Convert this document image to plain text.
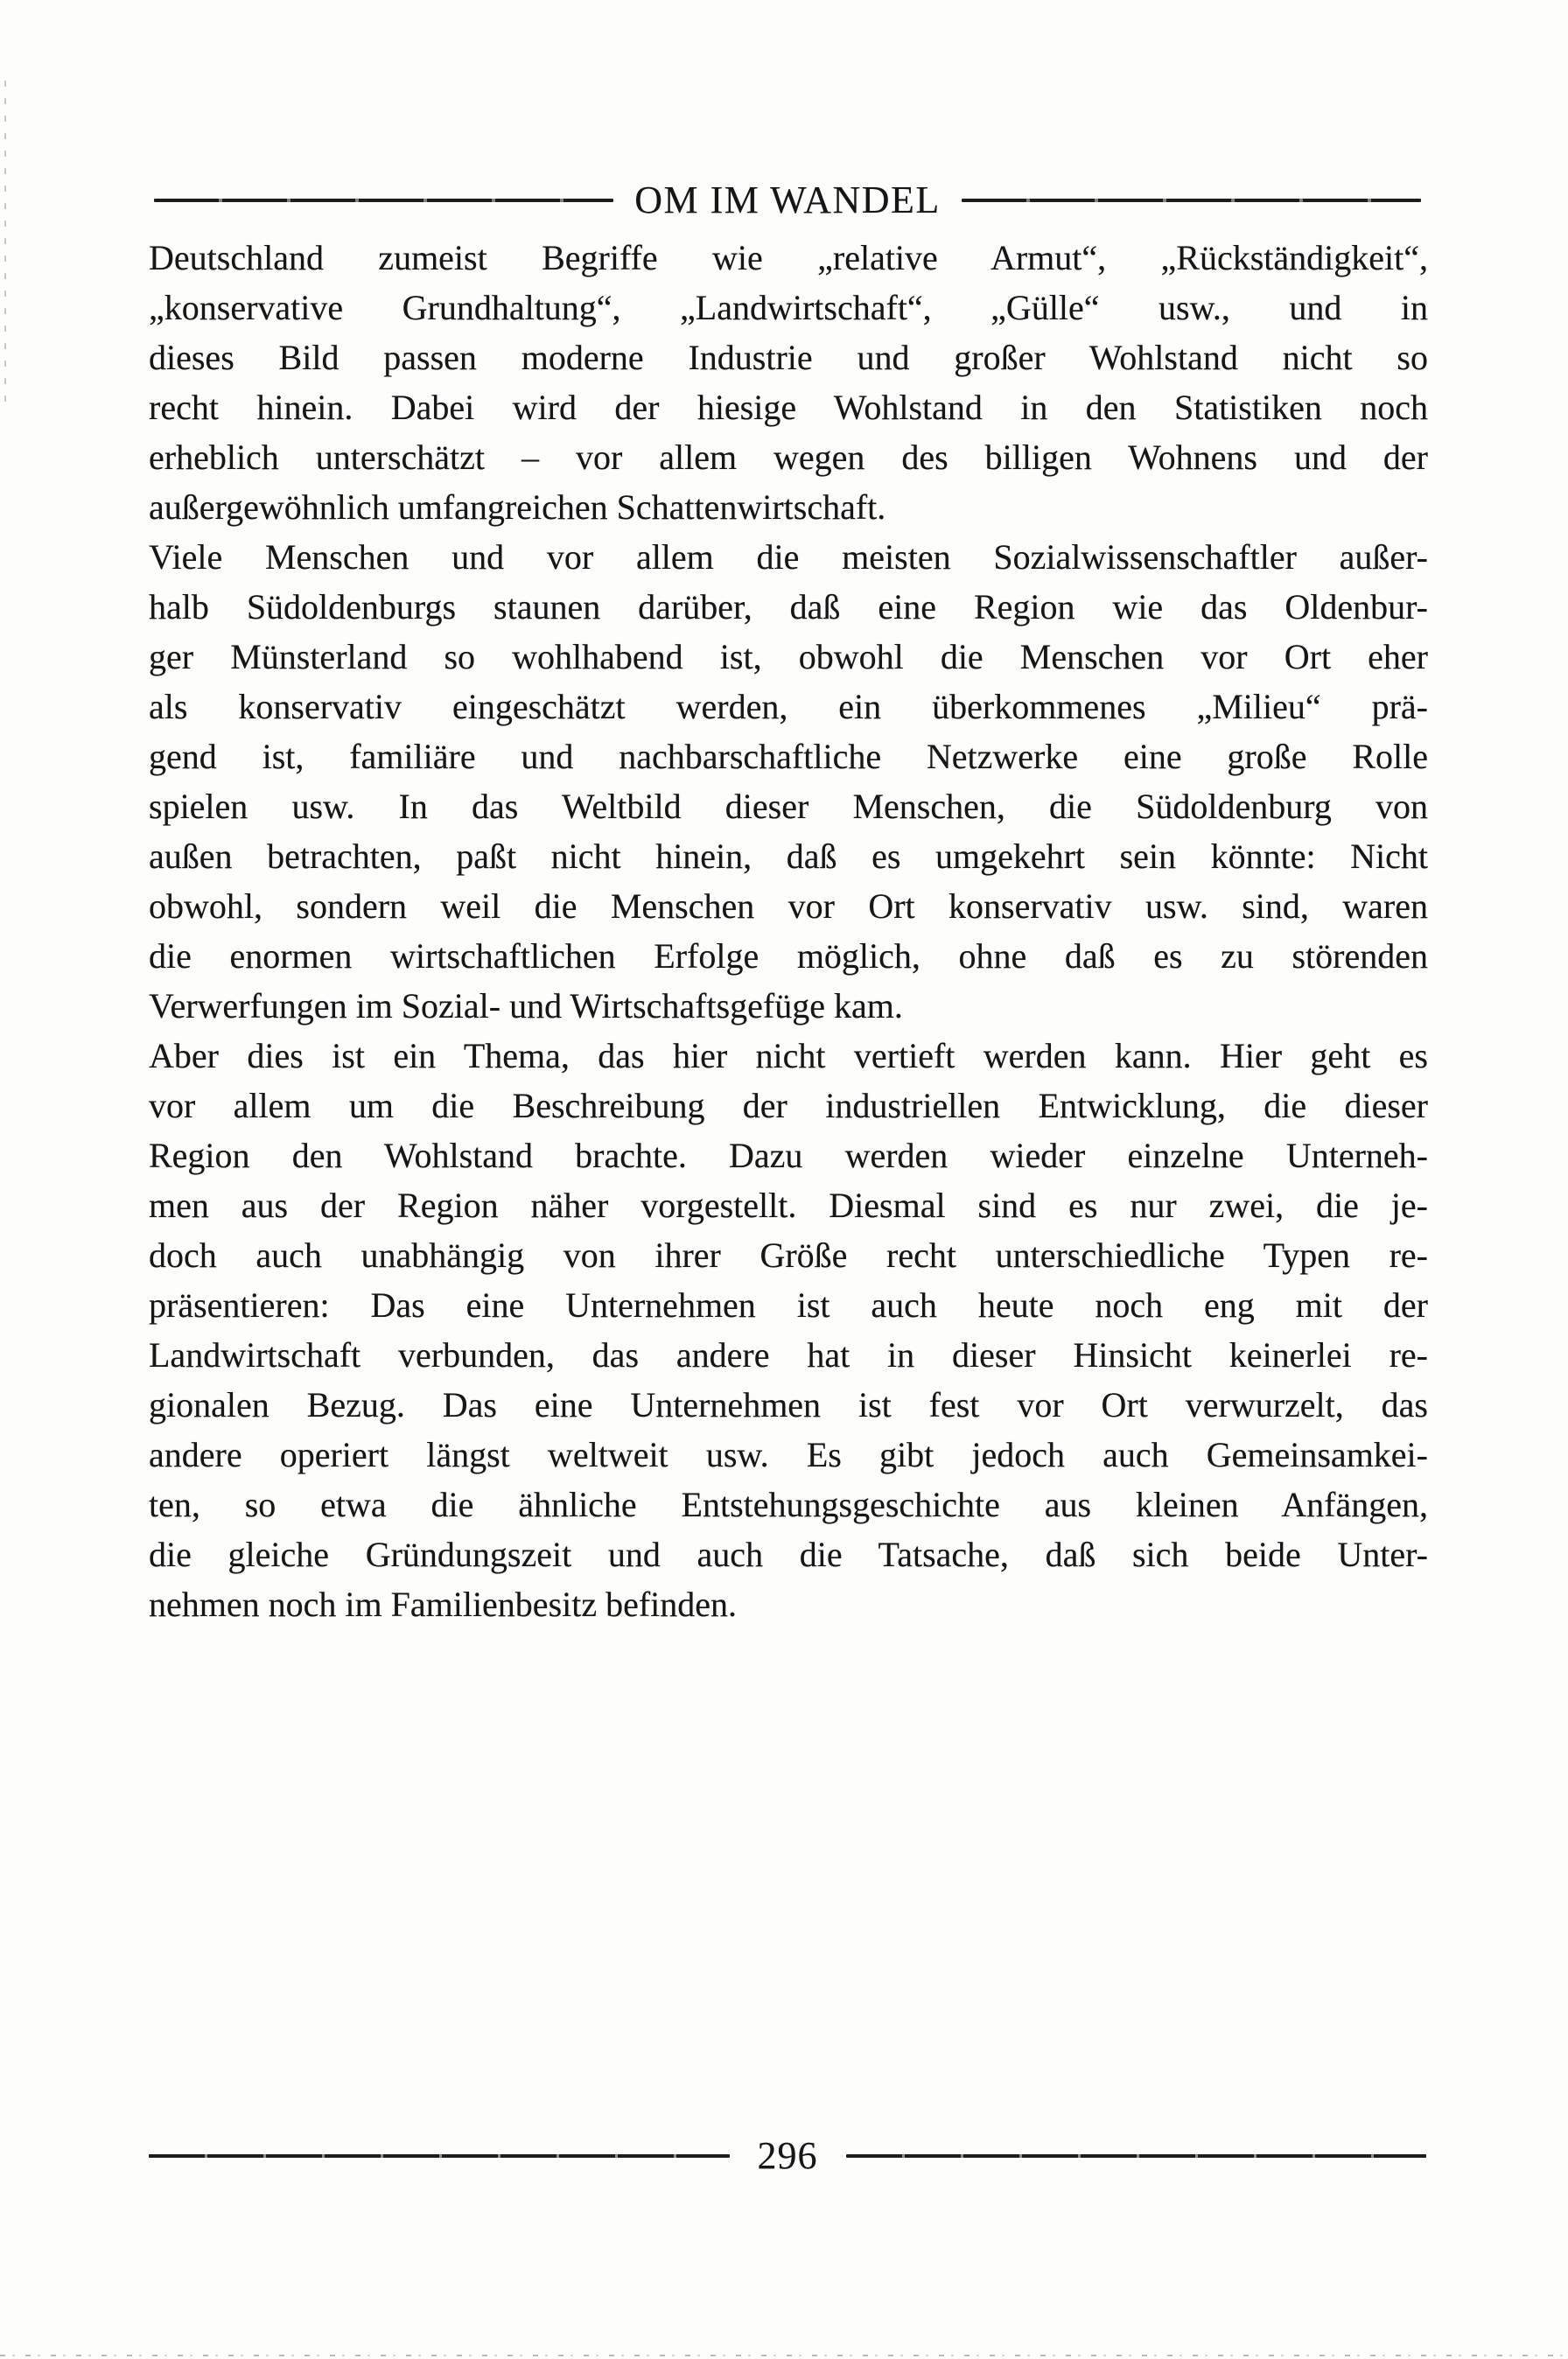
OM IM WANDEL
Deutschland zumeist Begriffe wie „relative Armut“, „Rückständigkeit“,
„konservative Grundhaltung“, „Landwirtschaft“, „Gülle“ usw., und in
dieses Bild passen moderne Industrie und großer Wohlstand nicht so
recht hinein. Dabei wird der hiesige Wohlstand in den Statistiken noch
erheblich unterschätzt – vor allem wegen des billigen Wohnens und der
außergewöhnlich umfangreichen Schattenwirtschaft.
Viele Menschen und vor allem die meisten Sozialwissenschaftler außer-
halb Südoldenburgs staunen darüber, daß eine Region wie das Oldenbur-
ger Münsterland so wohlhabend ist, obwohl die Menschen vor Ort eher
als konservativ eingeschätzt werden, ein überkommenes „Milieu“ prä-
gend ist, familiäre und nachbarschaftliche Netzwerke eine große Rolle
spielen usw. In das Weltbild dieser Menschen, die Südoldenburg von
außen betrachten, paßt nicht hinein, daß es umgekehrt sein könnte: Nicht
obwohl, sondern weil die Menschen vor Ort konservativ usw. sind, waren
die enormen wirtschaftlichen Erfolge möglich, ohne daß es zu störenden
Verwerfungen im Sozial- und Wirtschaftsgefüge kam.
Aber dies ist ein Thema, das hier nicht vertieft werden kann. Hier geht es
vor allem um die Beschreibung der industriellen Entwicklung, die dieser
Region den Wohlstand brachte. Dazu werden wieder einzelne Unterneh-
men aus der Region näher vorgestellt. Diesmal sind es nur zwei, die je-
doch auch unabhängig von ihrer Größe recht unterschiedliche Typen re-
präsentieren: Das eine Unternehmen ist auch heute noch eng mit der
Landwirtschaft verbunden, das andere hat in dieser Hinsicht keinerlei re-
gionalen Bezug. Das eine Unternehmen ist fest vor Ort verwurzelt, das
andere operiert längst weltweit usw. Es gibt jedoch auch Gemeinsamkei-
ten, so etwa die ähnliche Entstehungsgeschichte aus kleinen Anfängen,
die gleiche Gründungszeit und auch die Tatsache, daß sich beide Unter-
nehmen noch im Familienbesitz befinden.
296
